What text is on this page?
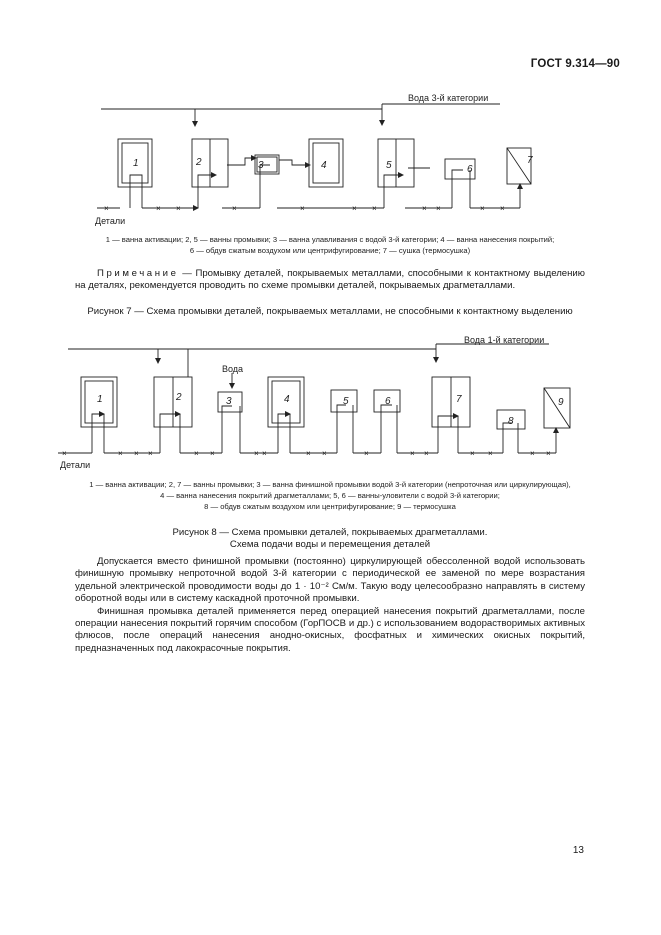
ГОСТ 9.314—90
×	× ×	×	×	× ×	× ×	× ×
×	× × ×	× ×	× ×	× ×	×	× ×	× ×	× ×
1	2	3	4	5	6
7
Вода 3-й категории
Детали
1	2	3	4	5	6	7
8
9
Вода 1-й категории
Вода
Детали
1 — ванна активации; 2, 5 — ванны промывки; 3 — ванна улавливания с водой 3-й категории; 4 — ванна нанесения покрытий;
6 — обдув сжатым воздухом или центрифугирование; 7 — сушка (термосушка)

Примечание — Промывку деталей, покрываемых металлами, способными к контактному выделению на деталях, рекомендуется проводить по схеме промывки деталей, покрываемых драгметаллами.

Рисунок 7 — Схема промывки деталей, покрываемых металлами, не способными к контактному выделению
1 — ванна активации; 2, 7 — ванны промывки; 3 — ванна финишной промывки водой 3-й категории (непроточная или циркулирующая),
4 — ванна нанесения покрытий драгметаллами; 5, 6 — ванны-уловители с водой 3-й категории;
8 — обдув сжатым воздухом или центрифугирование; 9 — термосушка
Рисунок 8 — Схема промывки деталей, покрываемых драгметаллами.
Схема подачи воды и перемещения деталей

Допускается вместо финишной промывки (постоянно) циркулирующей обессоленной водой использовать финишную промывку непроточной водой 3-й категории с периодической ее заменой по мере возрастания удельной электрической проводимости воды до 1 · 10⁻² См/м. Такую воду целесообразно направлять в систему оборотной воды или в систему каскадной проточной промывки.

Финишная промывка деталей применяется перед операцией нанесения покрытий драгметаллами, после операции нанесения покрытий горячим способом (ГорПОСВ и др.) с использованием водорастворимых активных флюсов, после операций нанесения анодно-окисных, фосфатных и химических окисных покрытий, предназначенных под лакокрасочные покрытия.

13
